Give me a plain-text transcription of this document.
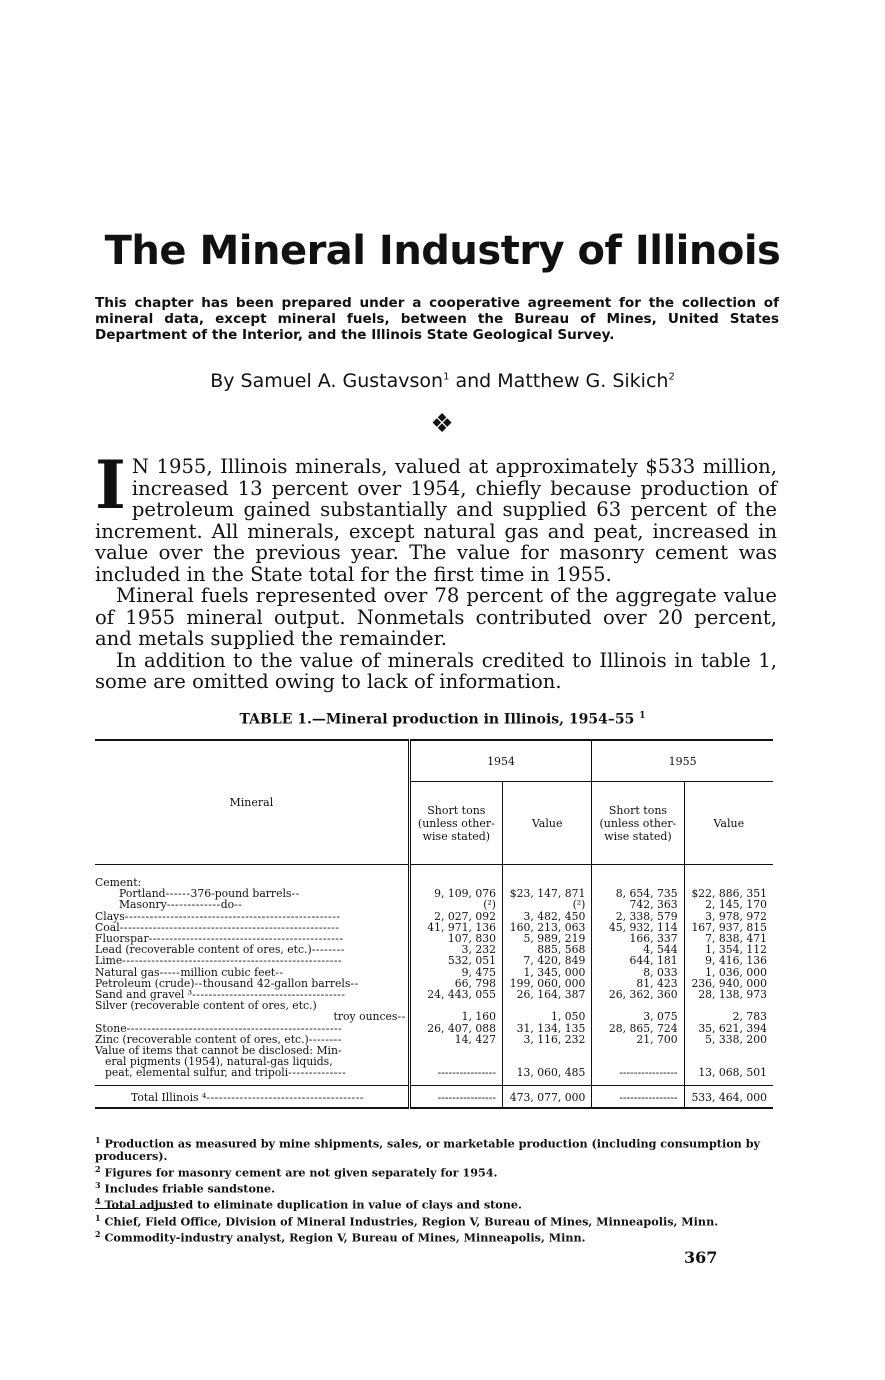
The Mineral Industry of Illinois
This chapter has been prepared under a cooperative agreement for the collection of mineral data, except mineral fuels, between the Bureau of Mines, United States Department of the Interior, and the Illinois State Geological Survey.
By Samuel A. Gustavson$^1$ and Matthew G. Sikich$^2$
❖

I N 1955, Illinois minerals, valued at approximately $533 million, increased 13 percent over 1954, chiefly because production of petroleum gained substantially and supplied 63 percent of the increment. All minerals, except natural gas and peat, increased in value over the previous year. The value for masonry cement was included in the State total for the first time in 1955.

Mineral fuels represented over 78 percent of the aggregate value of 1955 mineral output. Nonmetals contributed over 20 percent, and metals supplied the remainder.

In addition to the value of minerals credited to Illinois in table 1, some are omitted owing to lack of information.

TABLE 1.—Mineral production in Illinois, 1954–55 $^1$
Mineral	1954		1955	
	Short tons (unless other-wise stated)	Value	Short tons (unless other-wise stated)	Value

Cement:				
Portland------376-pound barrels--	9, 109, 076	$23, 147, 871	8, 654, 735	$22, 886, 351
Masonry-------------do--	(²)	(²)	742, 363	2, 145, 170
Clays----------------------------------------------------	2, 027, 092	3, 482, 450	2, 338, 579	3, 978, 972
Coal-----------------------------------------------------	41, 971, 136	160, 213, 063	45, 932, 114	167, 937, 815
Fluorspar-----------------------------------------------	107, 830	5, 989, 219	166, 337	7, 838, 471
Lead (recoverable content of ores, etc.)--------	3, 232	885, 568	4, 544	1, 354, 112
Lime-----------------------------------------------------	532, 051	7, 420, 849	644, 181	9, 416, 136
Natural gas-----million cubic feet--	9, 475	1, 345, 000	8, 033	1, 036, 000
Petroleum (crude)--thousand 42-gallon barrels--	66, 798	199, 060, 000	81, 423	236, 940, 000
Sand and gravel ³-------------------------------------	24, 443, 055	26, 164, 387	26, 362, 360	28, 138, 973
Silver (recoverable content of ores, etc.)				
troy ounces--	1, 160	1, 050	3, 075	2, 783
Stone----------------------------------------------------	26, 407, 088	31, 134, 135	28, 865, 724	35, 621, 394
Zinc (recoverable content of ores, etc.)--------	14, 427	3, 116, 232	21, 700	5, 338, 200
Value of items that cannot be disclosed: Min-				
eral pigments (1954), natural-gas liquids,				
peat, elemental sulfur, and tripoli--------------	----------------	13, 060, 485	----------------	13, 068, 501
Total Illinois ⁴--------------------------------------	----------------	473, 077, 000	----------------	533, 464, 000

$^1$ Production as measured by mine shipments, sales, or marketable production (including consumption by producers).

$^2$ Figures for masonry cement are not given separately for 1954.

$^3$ Includes friable sandstone.

$^4$ Total adjusted to eliminate duplication in value of clays and stone.

$^1$ Chief, Field Office, Division of Mineral Industries, Region V, Bureau of Mines, Minneapolis, Minn.

$^2$ Commodity-industry analyst, Region V, Bureau of Mines, Minneapolis, Minn.

367
